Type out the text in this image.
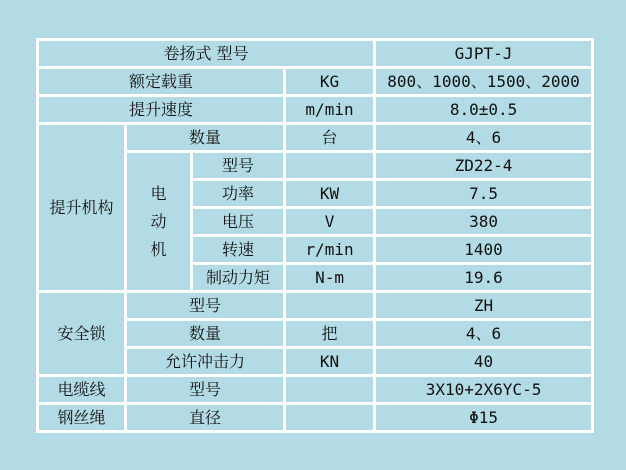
卷扬式 型号				GJPT-J
额定载重			KG	800、1000、1500、2000
提升速度			m/min	8.0±0.5
提升机构	数量		台	4、6
	电动机	型号		ZD22-4
		功率	KW	7.5
		电压	V	380
		转速	r/min	1400
		制动力矩	N-m	19.6
安全锁	型号			ZH
	数量		把	4、6
	允许冲击力		KN	40
电缆线	型号			3X10+2X6YC-5
钢丝绳	直径			Φ15
